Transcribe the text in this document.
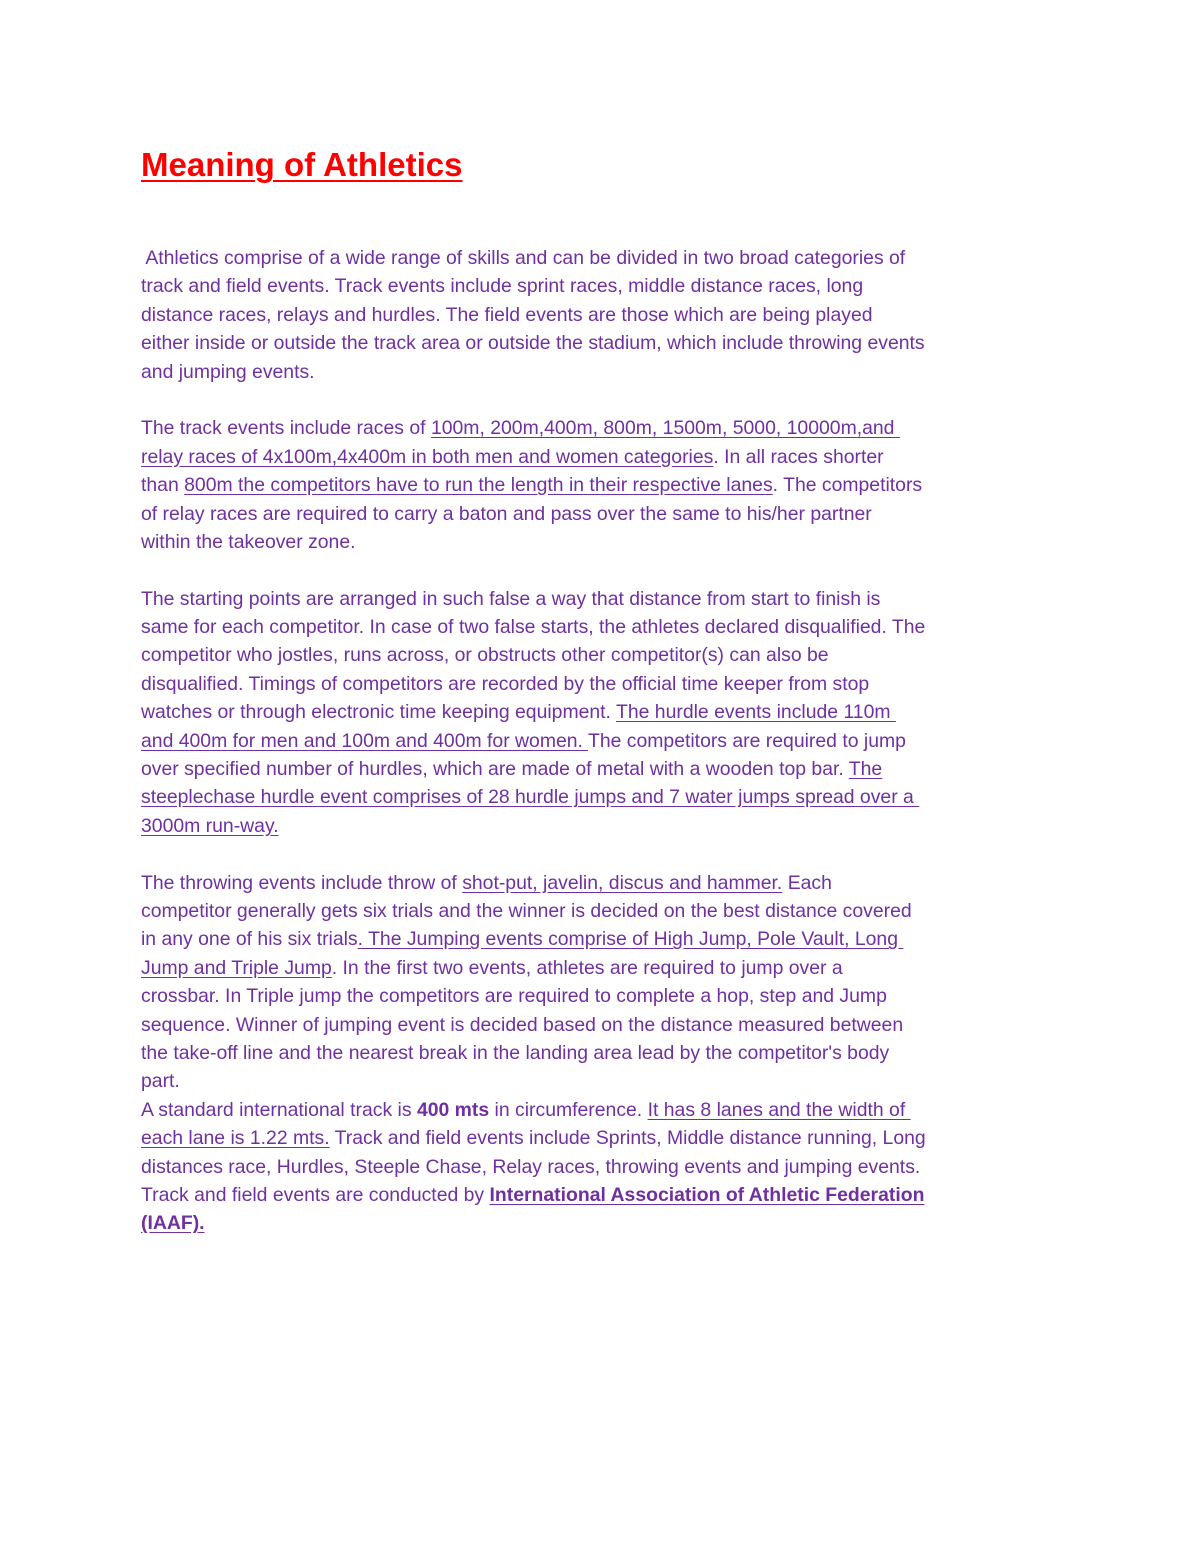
Meaning of Athletics
Athletics comprise of a wide range of skills and can be divided in two broad categories of
track and field events. Track events include sprint races, middle distance races, long
distance races, relays and hurdles. The field events are those which are being played
either inside or outside the track area or outside the stadium, which include throwing events
and jumping events.
The track events include races of 100m, 200m,400m, 800m, 1500m, 5000, 10000m,and
relay races of 4x100m,4x400m in both men and women categories. In all races shorter
than 800m the competitors have to run the length in their respective lanes. The competitors
of relay races are required to carry a baton and pass over the same to his/her partner
within the takeover zone.
The starting points are arranged in such false a way that distance from start to finish is
same for each competitor. In case of two false starts, the athletes declared disqualified. The
competitor who jostles, runs across, or obstructs other competitor(s) can also be
disqualified. Timings of competitors are recorded by the official time keeper from stop
watches or through electronic time keeping equipment. The hurdle events include 110m
and 400m for men and 100m and 400m for women. The competitors are required to jump
over specified number of hurdles, which are made of metal with a wooden top bar. The
steeplechase hurdle event comprises of 28 hurdle jumps and 7 water jumps spread over a
3000m run-way.
The throwing events include throw of shot-put, javelin, discus and hammer. Each
competitor generally gets six trials and the winner is decided on the best distance covered
in any one of his six trials. The Jumping events comprise of High Jump, Pole Vault, Long
Jump and Triple Jump. In the first two events, athletes are required to jump over a
crossbar. In Triple jump the competitors are required to complete a hop, step and Jump
sequence. Winner of jumping event is decided based on the distance measured between
the take-off line and the nearest break in the landing area lead by the competitor's body
part.
A standard international track is 400 mts in circumference. It has 8 lanes and the width of
each lane is 1.22 mts. Track and field events include Sprints, Middle distance running, Long
distances race, Hurdles, Steeple Chase, Relay races, throwing events and jumping events.
Track and field events are conducted by International Association of Athletic Federation
(IAAF).
